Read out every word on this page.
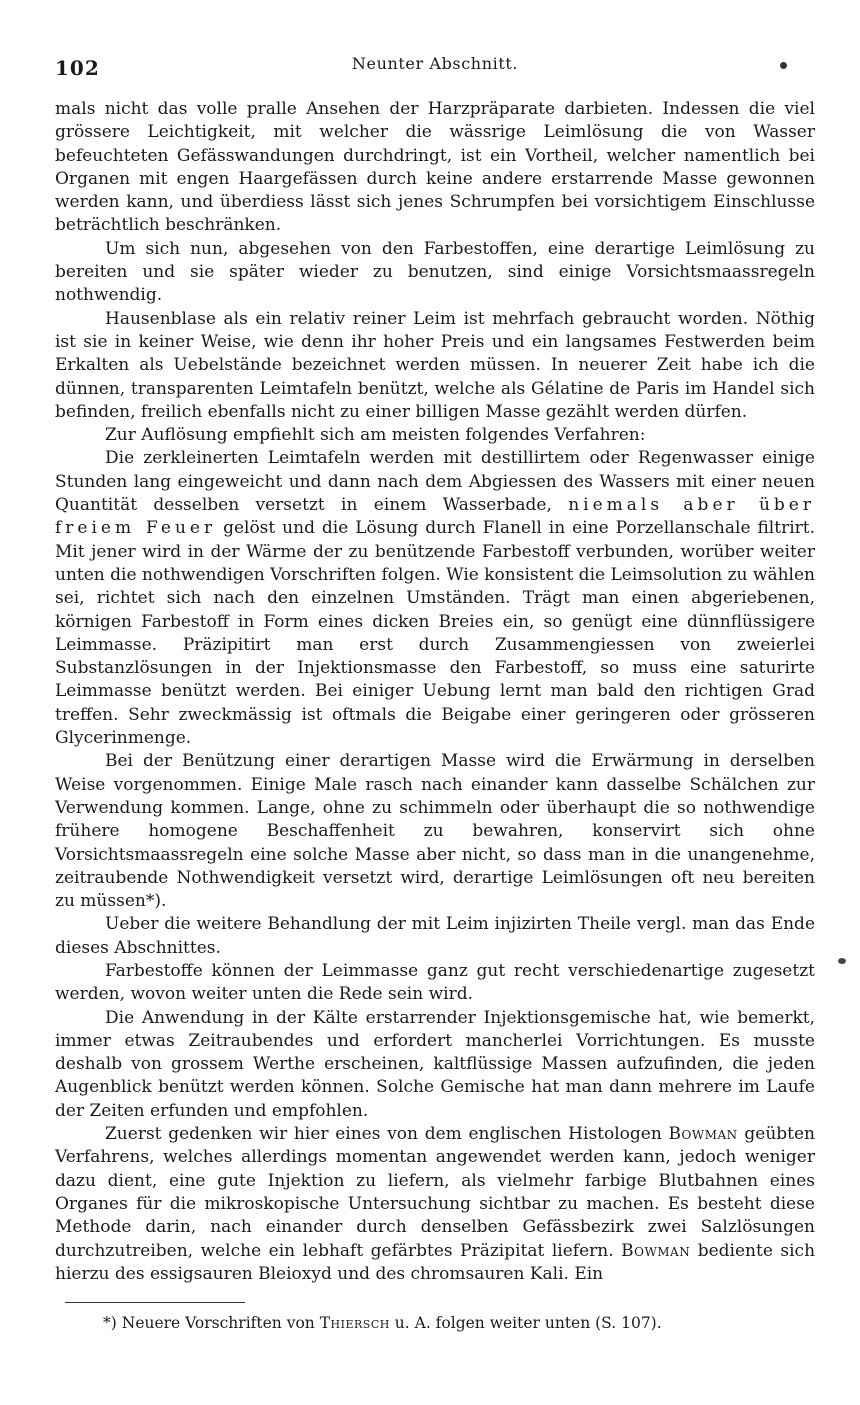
102	Neunter Abschnitt.

mals nicht das volle pralle Ansehen der Harzpräparate darbieten. Indessen die viel grössere Leichtigkeit, mit welcher die wässrige Leimlösung die von Wasser befeuchteten Gefässwandungen durchdringt, ist ein Vortheil, welcher namentlich bei Organen mit engen Haargefässen durch keine andere erstarrende Masse gewonnen werden kann, und überdiess lässt sich jenes Schrumpfen bei vorsichtigem Einschlusse beträchtlich beschränken.

Um sich nun, abgesehen von den Farbestoffen, eine derartige Leimlösung zu bereiten und sie später wieder zu benutzen, sind einige Vorsichtsmaassregeln nothwendig.

Hausenblase als ein relativ reiner Leim ist mehrfach gebraucht worden. Nöthig ist sie in keiner Weise, wie denn ihr hoher Preis und ein langsames Festwerden beim Erkalten als Uebelstände bezeichnet werden müssen. In neuerer Zeit habe ich die dünnen, transparenten Leimtafeln benützt, welche als Gélatine de Paris im Handel sich befinden, freilich ebenfalls nicht zu einer billigen Masse gezählt werden dürfen.

Zur Auflösung empfiehlt sich am meisten folgendes Verfahren:

Die zerkleinerten Leimtafeln werden mit destillirtem oder Regenwasser einige Stunden lang eingeweicht und dann nach dem Abgiessen des Wassers mit einer neuen Quantität desselben versetzt in einem Wasserbade, niemals aber über freiem Feuer gelöst und die Lösung durch Flanell in eine Porzellanschale filtrirt. Mit jener wird in der Wärme der zu benützende Farbestoff verbunden, worüber weiter unten die nothwendigen Vorschriften folgen. Wie konsistent die Leimsolution zu wählen sei, richtet sich nach den einzelnen Umständen. Trägt man einen abgeriebenen, körnigen Farbestoff in Form eines dicken Breies ein, so genügt eine dünnflüssigere Leimmasse. Präzipitirt man erst durch Zusammengiessen von zweierlei Substanzlösungen in der Injektionsmasse den Farbestoff, so muss eine saturirte Leimmasse benützt werden. Bei einiger Uebung lernt man bald den richtigen Grad treffen. Sehr zweckmässig ist oftmals die Beigabe einer geringeren oder grösseren Glycerinmenge.

Bei der Benützung einer derartigen Masse wird die Erwärmung in derselben Weise vorgenommen. Einige Male rasch nach einander kann dasselbe Schälchen zur Verwendung kommen. Lange, ohne zu schimmeln oder überhaupt die so nothwendige frühere homogene Beschaffenheit zu bewahren, konservirt sich ohne Vorsichtsmaassregeln eine solche Masse aber nicht, so dass man in die unangenehme, zeitraubende Nothwendigkeit versetzt wird, derartige Leimlösungen oft neu bereiten zu müssen*).

Ueber die weitere Behandlung der mit Leim injizirten Theile vergl. man das Ende dieses Abschnittes.

Farbestoffe können der Leimmasse ganz gut recht verschiedenartige zugesetzt werden, wovon weiter unten die Rede sein wird.

Die Anwendung in der Kälte erstarrender Injektionsgemische hat, wie bemerkt, immer etwas Zeitraubendes und erfordert mancherlei Vorrichtungen. Es musste deshalb von grossem Werthe erscheinen, kaltflüssige Massen aufzufinden, die jeden Augenblick benützt werden können. Solche Gemische hat man dann mehrere im Laufe der Zeiten erfunden und empfohlen.

Zuerst gedenken wir hier eines von dem englischen Histologen Bowman geübten Verfahrens, welches allerdings momentan angewendet werden kann, jedoch weniger dazu dient, eine gute Injektion zu liefern, als vielmehr farbige Blutbahnen eines Organes für die mikroskopische Untersuchung sichtbar zu machen. Es besteht diese Methode darin, nach einander durch denselben Gefässbezirk zwei Salzlösungen durchzutreiben, welche ein lebhaft gefärbtes Präzipitat liefern. Bowman bediente sich hierzu des essigsauren Bleioxyd und des chromsauren Kali. Ein

*) Neuere Vorschriften von Thiersch u. A. folgen weiter unten (S. 107).
